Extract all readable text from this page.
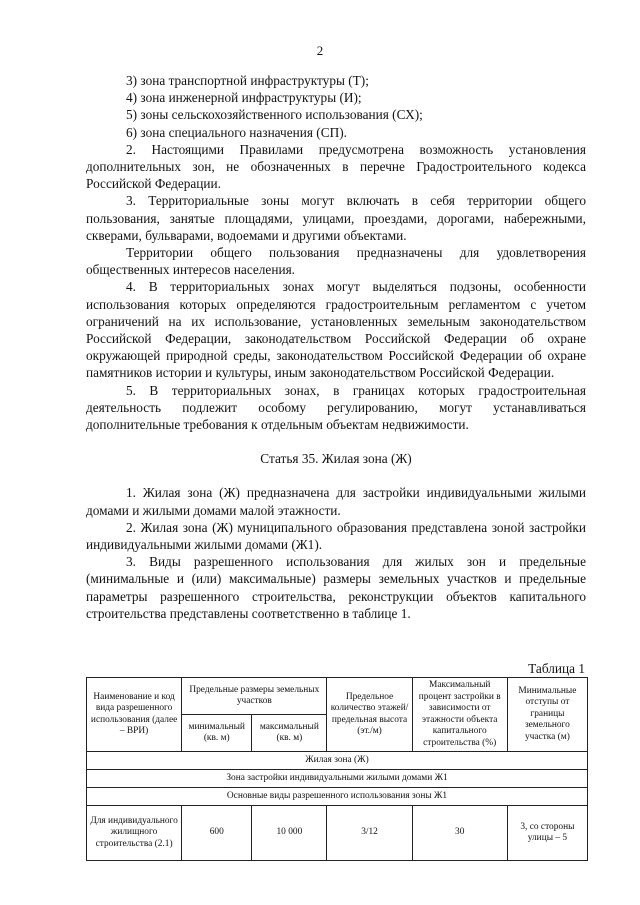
2

3) зона транспортной инфраструктуры (Т);

4) зона инженерной инфраструктуры (И);

5) зоны сельскохозяйственного использования (СХ);

6) зона специального назначения (СП).

2. Настоящими Правилами предусмотрена возможность установления дополнительных зон, не обозначенных в перечне Градостроительного кодекса Российской Федерации.

3. Территориальные зоны могут включать в себя территории общего пользования, занятые площадями, улицами, проездами, дорогами, набережными, скверами, бульварами, водоемами и другими объектами.

Территории общего пользования предназначены для удовлетворения общественных интересов населения.

4. В территориальных зонах могут выделяться подзоны, особенности использования которых определяются градостроительным регламентом с учетом ограничений на их использование, установленных земельным законодательством Российской Федерации, законодательством Российской Федерации об охране окружающей природной среды, законодательством Российской Федерации об охране памятников истории и культуры, иным законодательством Российской Федерации.

5. В территориальных зонах, в границах которых градостроительная деятельность подлежит особому регулированию, могут устанавливаться дополнительные требования к отдельным объектам недвижимости.

Статья 35. Жилая зона (Ж)

1. Жилая зона (Ж) предназначена для застройки индивидуальными жилыми домами и жилыми домами малой этажности.

2. Жилая зона (Ж) муниципального образования представлена зоной застройки индивидуальными жилыми домами (Ж1).

3. Виды разрешенного использования для жилых зон и предельные (минимальные и (или) максимальные) размеры земельных участков и предельные параметры разрешенного строительства, реконструкции объектов капитального строительства представлены соответственно в таблице 1.

Таблица 1
Наименование и код вида разрешенного использования (далее – ВРИ)	Предельные размеры земельных участков		Предельное количество этажей/ предельная высота (эт./м)	Максимальный процент застройки в зависимости от этажности объекта капитального строительства (%)	Минимальные отступы от границы земельного участка (м)
	минимальный (кв. м)	максимальный (кв. м)			
Жилая зона (Ж)					
Зона застройки индивидуальными жилыми домами Ж1					
Основные виды разрешенного использования зоны Ж1					
Для индивидуального жилищного строительства (2.1)	600	10 000	3/12	30	3, со стороны улицы – 5
